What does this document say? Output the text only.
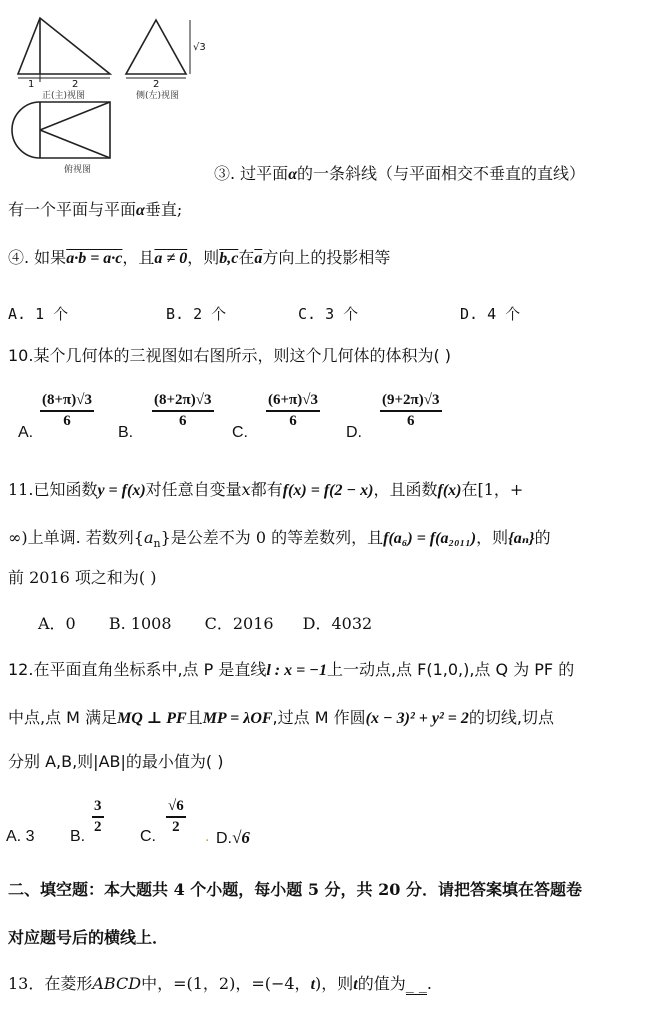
1	2	2
√3
正(主)视图	侧(左)视图
俯视图	③. 过平面α的一条斜线（与平面相交不垂直的直线）
有一个平面与平面α垂直;
④. 如果a·b = a·c，且a ≠ 0，则b,c在$\overline{a}$方向上的投影相等
A. 1 个	B. 2 个	C. 3 个	D. 4 个
10.某个几何体的三视图如右图所示，则这个几何体的体积为( )
A.
$\frac{(8+\pi)√3}{6}$
B.
$\frac{(8+2\pi)√3}{6}$
C.
$\frac{(6+\pi)√3}{6}$
D.
$\frac{(9+2\pi)√3}{6}$
11.已知函数y = f(x)对任意自变量x都有f(x) = f(2 − x)，且函数f(x)在[1，+
∞)上单调. 若数列$\{a_n\}$是公差不为 0 的等差数列，且f(a₆) = f(a₂₀₁₁)，则{aₙ}的
前 2016 项之和为( )
A．0 B. 1008 C．2016 D．4032
12.在平面直角坐标系中,点 P 是直线l : x = −1上一动点,点 F(1,0,),点 Q 为 PF 的
中点,点 M 满足MQ ⊥ PF且MP = λOF,过点 M 作圆(x − 3)² + y² = 2的切线,切点
分别 A,B,则|AB|的最小值为( )
A. 3 B.
$\frac{3}{2}$
C.
$\frac{√6}{2}$
. D.√6
二、填空题：本大题共 4 个小题，每小题 5 分，共 20 分．请把答案填在答题卷
对应题号后的横线上．
13．在菱形ABCD中，=(1，2)，=(−4，t)，则t的值为_ _.
